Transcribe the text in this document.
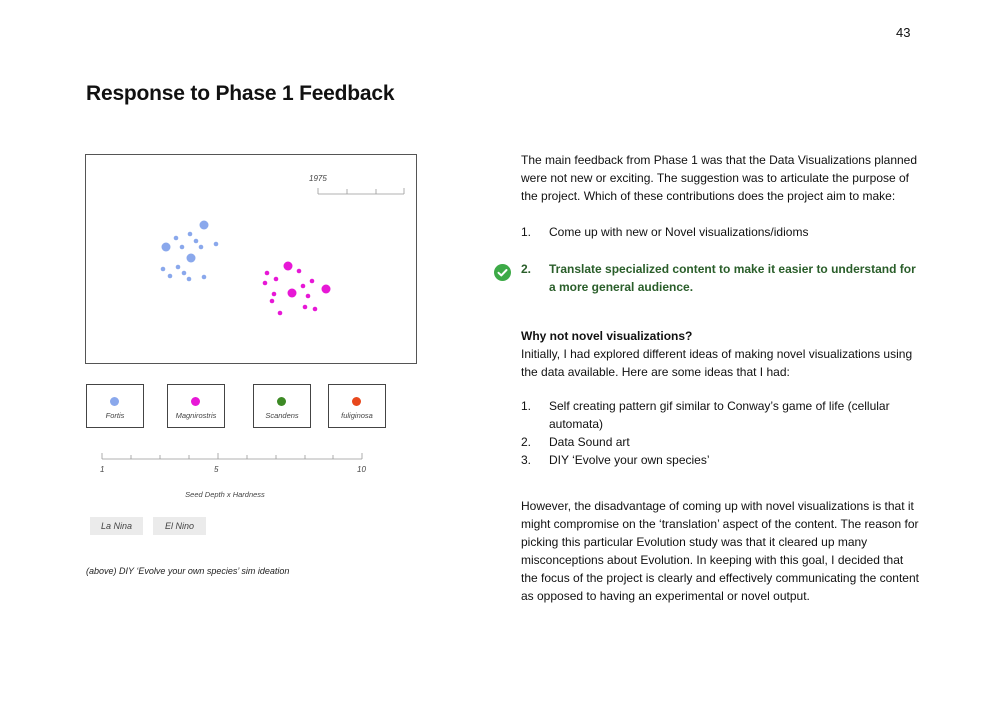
43
Response to Phase 1 Feedback
1975
Fortis	Magnirostris	Scandens	fuliginosa
1	5	10
Seed Depth x Hardness
La Nina	El Nino
(above) DIY ‘Evolve your own species’ sim ideation
The main feedback from Phase 1 was that the Data Visualizations planned were not new or exciting. The suggestion was to articulate the purpose of the project. Which of these contributions does the project aim to make:
1. Come up with new or Novel visualizations/idioms
2. Translate specialized content to make it easier to understand for a more general audience.
Why not novel visualizations?
Initially, I had explored different ideas of making novel visualizations using the data available. Here are some ideas that I had:
1. Self creating pattern gif similar to Conway’s game of life (cellular automata)
2. Data Sound art
3. DIY ‘Evolve your own species’
However, the disadvantage of coming up with novel visualizations is that it might compromise on the ‘translation’ aspect of the content. The reason for picking this particular Evolution study was that it cleared up many misconceptions about Evolution. In keeping with this goal, I decided that the focus of the project is clearly and effectively communicating the content as opposed to having an experimental or novel output.
